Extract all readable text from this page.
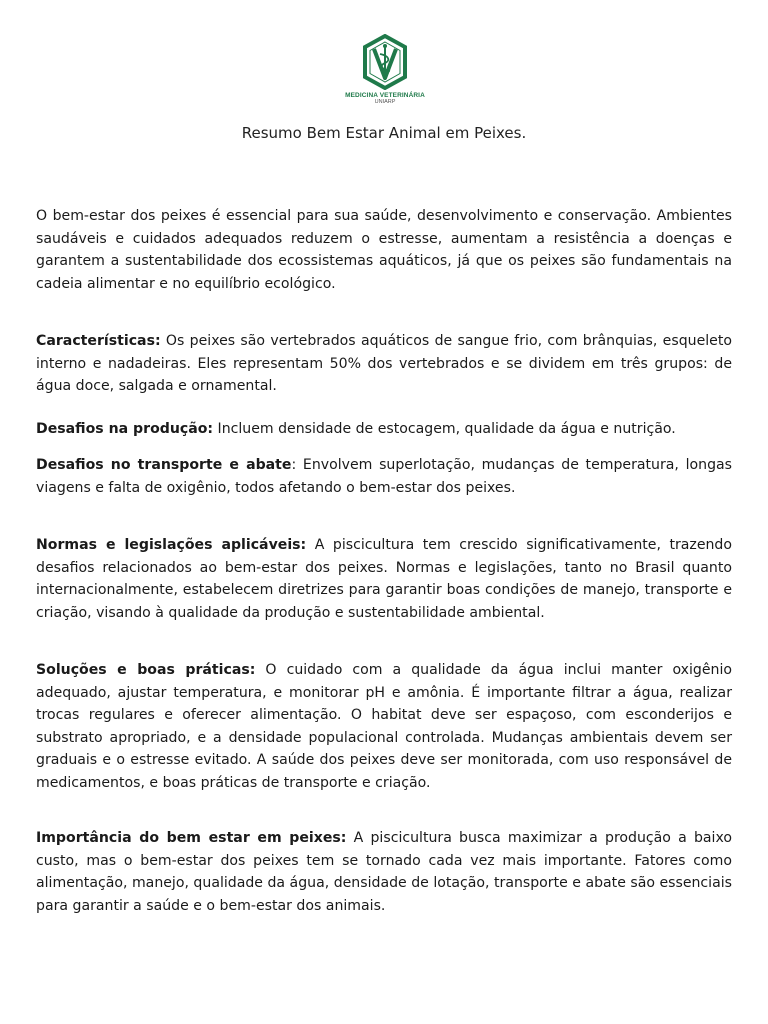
MEDICINA VETERINÁRIA
UNIARP
Resumo Bem Estar Animal em Peixes.

O bem-estar dos peixes é essencial para sua saúde, desenvolvimento e conservação. Ambientes saudáveis e cuidados adequados reduzem o estresse, aumentam a resistência a doenças e garantem a sustentabilidade dos ecossistemas aquáticos, já que os peixes são fundamentais na cadeia alimentar e no equilíbrio ecológico.

Características: Os peixes são vertebrados aquáticos de sangue frio, com brânquias, esqueleto interno e nadadeiras. Eles representam 50% dos vertebrados e se dividem em três grupos: de água doce, salgada e ornamental.

Desafios na produção: Incluem densidade de estocagem, qualidade da água e nutrição.

Desafios no transporte e abate: Envolvem superlotação, mudanças de temperatura, longas viagens e falta de oxigênio, todos afetando o bem-estar dos peixes.

Normas e legislações aplicáveis: A piscicultura tem crescido significativamente, trazendo desafios relacionados ao bem-estar dos peixes. Normas e legislações, tanto no Brasil quanto internacionalmente, estabelecem diretrizes para garantir boas condições de manejo, transporte e criação, visando à qualidade da produção e sustentabilidade ambiental.

Soluções e boas práticas: O cuidado com a qualidade da água inclui manter oxigênio adequado, ajustar temperatura, e monitorar pH e amônia. É importante filtrar a água, realizar trocas regulares e oferecer alimentação. O habitat deve ser espaçoso, com esconderijos e substrato apropriado, e a densidade populacional controlada. Mudanças ambientais devem ser graduais e o estresse evitado. A saúde dos peixes deve ser monitorada, com uso responsável de medicamentos, e boas práticas de transporte e criação.

Importância do bem estar em peixes: A piscicultura busca maximizar a produção a baixo custo, mas o bem-estar dos peixes tem se tornado cada vez mais importante. Fatores como alimentação, manejo, qualidade da água, densidade de lotação, transporte e abate são essenciais para garantir a saúde e o bem-estar dos animais.
